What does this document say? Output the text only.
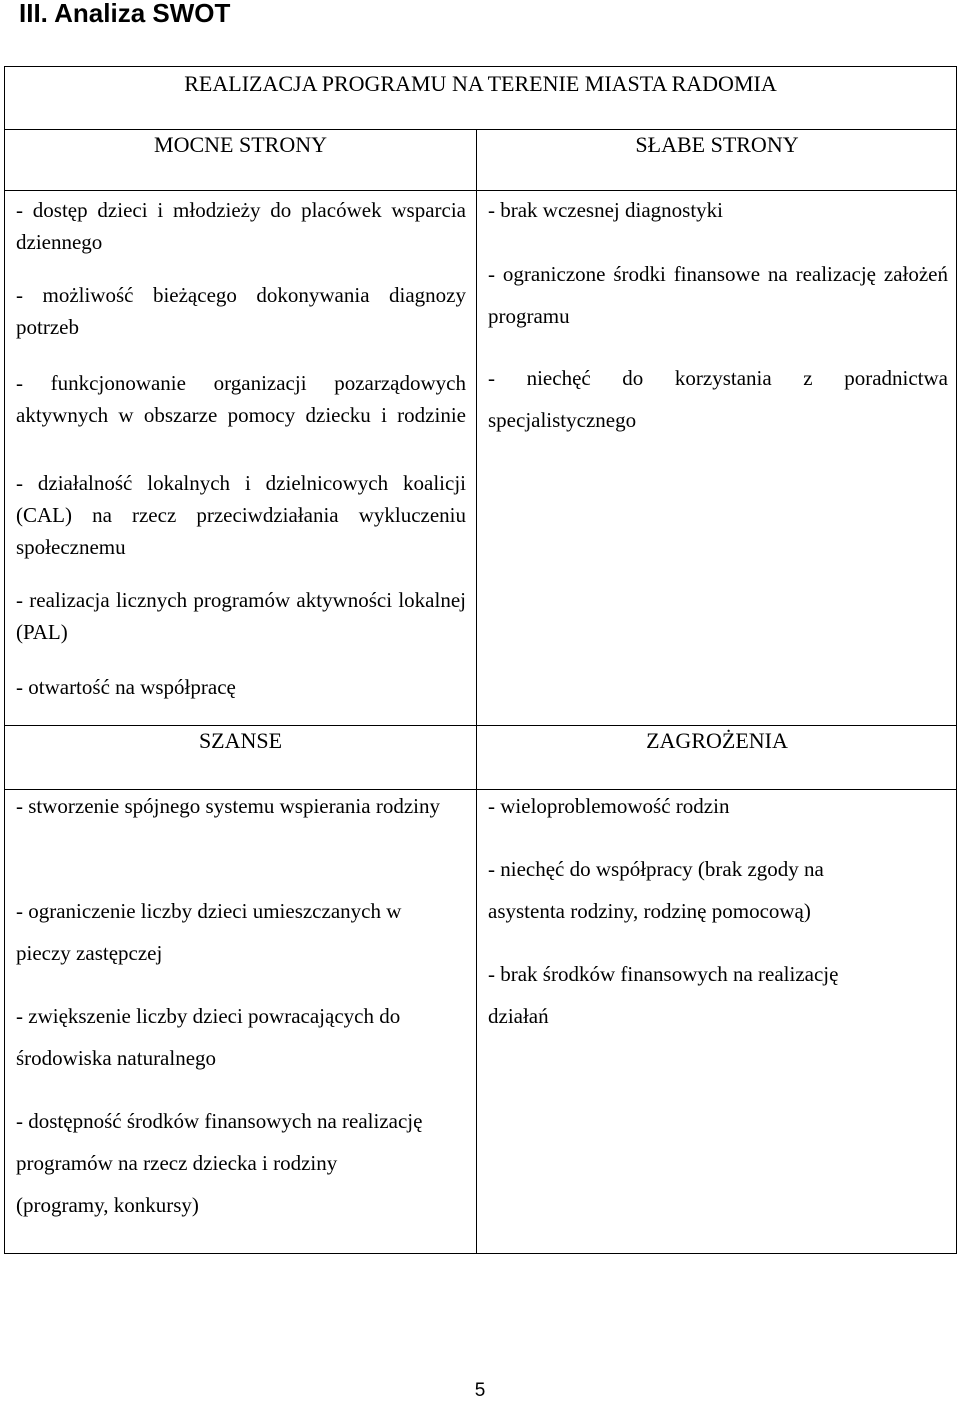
III. Analiza SWOT
REALIZACJA PROGRAMU NA TERENIE MIASTA RADOMIA
MOCNE STRONY	SŁABE STRONY
- dostęp dzieci i młodzieży do placówek wsparcia dziennego
- możliwość bieżącego dokonywania diagnozy potrzeb
- funkcjonowanie organizacji pozarządowych aktywnych w obszarze pomocy dziecku i rodzinie
- działalność lokalnych i dzielnicowych koalicji (CAL) na rzecz przeciwdziałania wykluczeniu społecznemu
- realizacja licznych programów aktywności lokalnej (PAL)
- otwartość na współpracę
- brak wczesnej diagnostyki
- ograniczone środki finansowe na realizację założeń programu
- niechęć do korzystania z poradnictwa specjalistycznego
SZANSE	ZAGROŻENIA
- stworzenie spójnego systemu wspierania rodziny
- ograniczenie liczby dzieci umieszczanych w pieczy zastępczej
- zwiększenie liczby dzieci powracających do środowiska naturalnego
- dostępność środków finansowych na realizację programów na rzecz dziecka i rodziny (programy, konkursy)
- wieloproblemowość rodzin
- niechęć do współpracy (brak zgody na asystenta rodziny, rodzinę pomocową)
- brak środków finansowych na realizację działań
5
